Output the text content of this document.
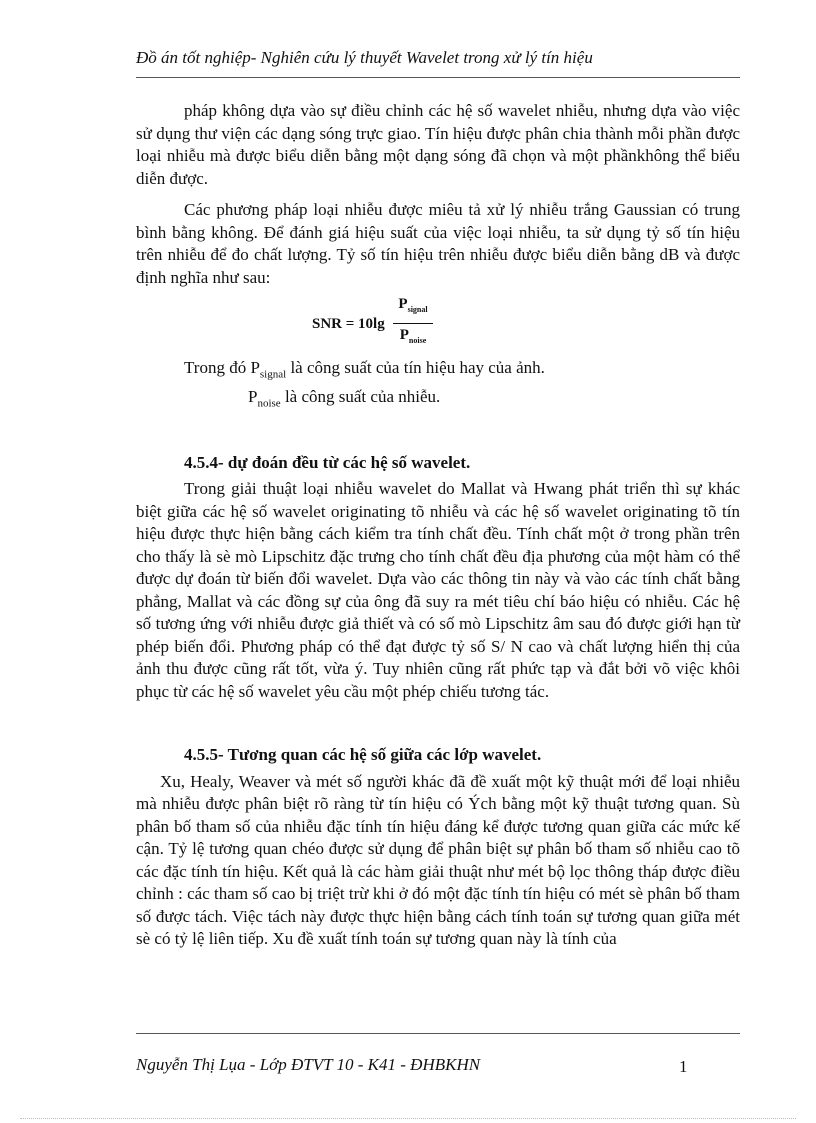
Đồ án tốt nghiệp- Nghiên cứu lý thuyết Wavelet trong xử lý tín hiệu

pháp không dựa vào sự điều chỉnh các hệ số wavelet nhiễu, nhưng dựa vào việc sử dụng thư viện các dạng sóng trực giao. Tín hiệu được phân chia thành mỗi phần được loại nhiễu mà được biểu diễn bằng một dạng sóng đã chọn và một phầnkhông thể biểu diễn được.

Các phương pháp loại nhiễu được miêu tả xử lý nhiễu trắng Gaussian có trung bình bằng không. Để đánh giá hiệu suất của việc loại nhiễu, ta sử dụng tỷ số tín hiệu trên nhiễu để đo chất lượng. Tỷ số tín hiệu trên nhiễu được biểu diễn bằng dB và được định nghĩa như sau:

SNR = 10lg
$P_{signal}$
$P_{noise}$

Trong đó $P_{signal}$ là công suất của tín hiệu hay của ảnh.

$P_{noise}$ là công suất của nhiễu.

4.5.4- dự đoán đều từ các hệ số wavelet.

Trong giải thuật loại nhiễu wavelet do Mallat và Hwang phát triển thì sự khác biệt giữa các hệ số wavelet originating tõ nhiễu và các hệ số wavelet originating tõ tín hiệu được thực hiện bằng cách kiểm tra tính chất đều. Tính chất một ở trong phần trên cho thấy là sè mò Lipschitz đặc trưng cho tính chất đều địa phương của một hàm có thể được dự đoán từ biến đổi wavelet. Dựa vào các thông tin này và vào các tính chất bằng phẳng, Mallat và các đồng sự của ông đã suy ra mét tiêu chí báo hiệu có nhiễu. Các hệ số tương ứng với nhiễu được giả thiết và có số mò Lipschitz âm sau đó được giới hạn từ phép biến đổi. Phương pháp có thể đạt được tỷ số S/ N cao và chất lượng hiển thị của ảnh thu được cũng rất tốt, vừa ý. Tuy nhiên cũng rất phức tạp và đắt bởi võ việc khôi phục từ các hệ số wavelet yêu cầu một phép chiếu tương tác.

4.5.5- Tương quan các hệ số giữa các lớp wavelet.

Xu, Healy, Weaver và mét số người khác đã đề xuất một kỹ thuật mới để loại nhiễu mà nhiễu được phân biệt rõ ràng từ tín hiệu có Ých bằng một kỹ thuật tương quan. Sù phân bố tham số của nhiễu đặc tính tín hiệu đáng kể được tương quan giữa các mức kế cận. Tỷ lệ tương quan chéo được sử dụng để phân biệt sự phân bố tham số nhiễu cao tõ các đặc tính tín hiệu. Kết quả là các hàm giải thuật như mét bộ lọc thông tháp được điều chỉnh : các tham số cao bị triệt trừ khi ở đó một đặc tính tín hiệu có mét sè phân bố tham số được tách. Việc tách này được thực hiện bằng cách tính toán sự tương quan giữa mét sè có tỷ lệ liên tiếp. Xu đề xuất tính toán sự tương quan này là tính của

Nguyễn Thị Lụa - Lớp ĐTVT 10 - K41 - ĐHBKHN	1
